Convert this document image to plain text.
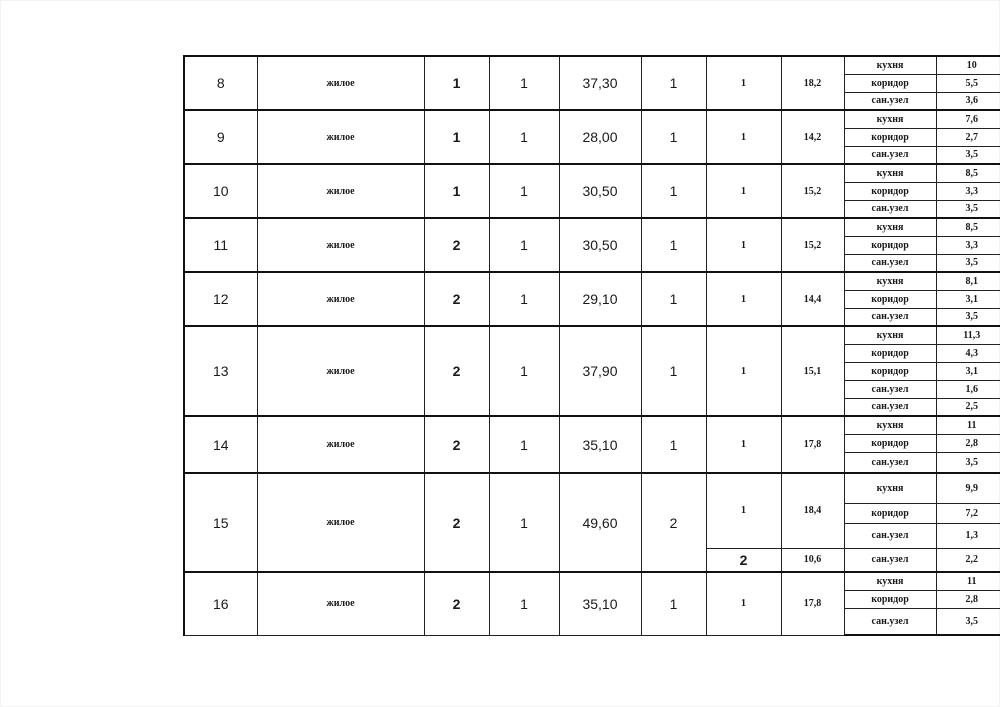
8	жилое	1	1	37,30	1	1	18,2	кухня	10
								коридор	5,5
								сан.узел	3,6
9	жилое	1	1	28,00	1	1	14,2	кухня	7,6
								коридор	2,7
								сан.узел	3,5
10	жилое	1	1	30,50	1	1	15,2	кухня	8,5
								коридор	3,3
								сан.узел	3,5
11	жилое	2	1	30,50	1	1	15,2	кухня	8,5
								коридор	3,3
								сан.узел	3,5
12	жилое	2	1	29,10	1	1	14,4	кухня	8,1
								коридор	3,1
								сан.узел	3,5
13	жилое	2	1	37,90	1	1	15,1	кухня	11,3
								коридор	4,3
								коридор	3,1
								сан.узел	1,6
								сан.узел	2,5
14	жилое	2	1	35,10	1	1	17,8	кухня	11
								коридор	2,8
								сан.узел	3,5
15	жилое	2	1	49,60	2	1	18,4	кухня	9,9
								коридор	7,2
								сан.узел	1,3
						2	10,6	сан.узел	2,2
16	жилое	2	1	35,10	1	1	17,8	кухня	11
								коридор	2,8
								сан.узел	3,5
